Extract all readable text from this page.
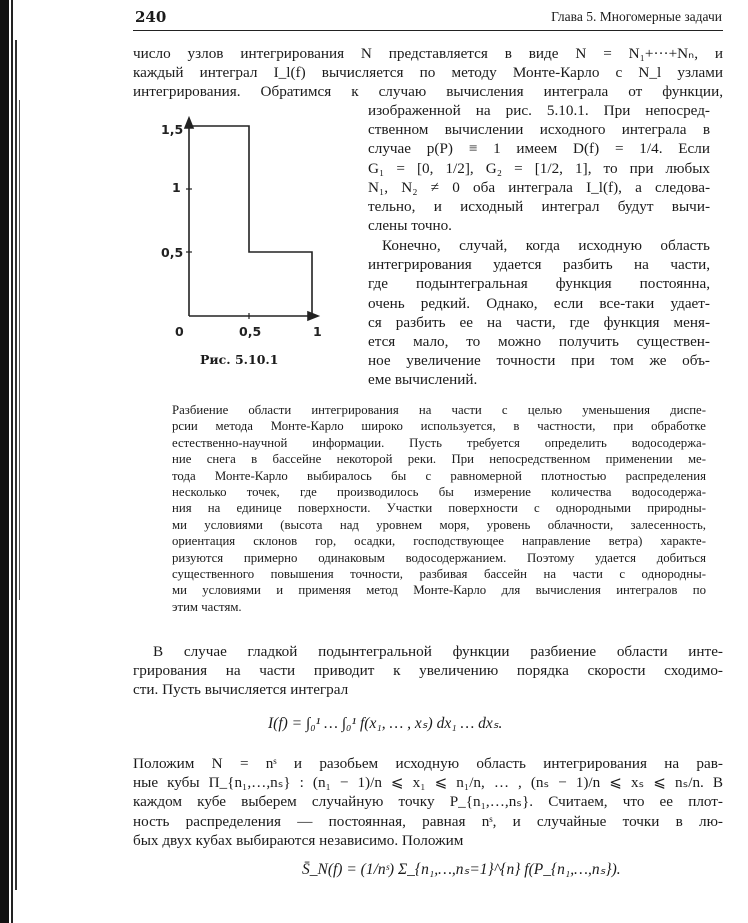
240	Глава 5. Многомерные задачи
число узлов интегрирования N представляется в виде N = N₁+···+Nₙ, и
каждый интеграл I_l(f) вычисляется по методу Монте-Карло с N_l узлами
интегрирования. Обратимся к случаю вычисления интеграла от функции,
1,5
1
0,5
0	0,5	1
Рис. 5.10.1
изображенной на рис. 5.10.1. При непосред-
ственном вычислении исходного интеграла в
случае p(P) ≡ 1 имеем D(f) = 1/4. Если
G₁ = [0, 1/2], G₂ = [1/2, 1], то при любых
N₁, N₂ ≠ 0 оба интеграла I_l(f), а следова-
тельно, и исходный интеграл будут вычи-
слены точно.
Конечно, случай, когда исходную область
интегрирования удается разбить на части,
где подынтегральная функция постоянна,
очень редкий. Однако, если все-таки удает-
ся разбить ее на части, где функция меня-
ется мало, то можно получить существен-
ное увеличение точности при том же объ-
еме вычислений.
Разбиение области интегрирования на части с целью уменьшения диспе-
рсии метода Монте-Карло широко используется, в частности, при обработке
естественно-научной информации. Пусть требуется определить водосодержа-
ние снега в бассейне некоторой реки. При непосредственном применении ме-
тода Монте-Карло выбиралось бы с равномерной плотностью распределения
несколько точек, где производилось бы измерение количества водосодержа-
ния на единице поверхности. Участки поверхности с однородными природны-
ми условиями (высота над уровнем моря, уровень облачности, залесенность,
ориентация склонов гор, осадки, господствующее направление ветра) характе-
ризуются примерно одинаковым водосодержанием. Поэтому удается добиться
существенного повышения точности, разбивая бассейн на части с однородны-
ми условиями и применяя метод Монте-Карло для вычисления интегралов по
этим частям.
В случае гладкой подынтегральной функции разбиение области инте-
грирования на части приводит к увеличению порядка скорости сходимо-
сти. Пусть вычисляется интеграл
I(f) = ∫₀¹ … ∫₀¹ f(x₁, … , xₛ) dx₁ … dxₛ.
Положим N = nˢ и разобьем исходную область интегрирования на рав-
ные кубы Π_{n₁,…,nₛ} : (n₁ − 1)/n ⩽ x₁ ⩽ n₁/n, … , (nₛ − 1)/n ⩽ xₛ ⩽ nₛ/n. В
каждом кубе выберем случайную точку P_{n₁,…,nₛ}. Считаем, что ее плот-
ность распределения — постоянная, равная nˢ, и случайные точки в лю-
бых двух кубах выбираются независимо. Положим
S̄_N(f) = (1/nˢ) Σ_{n₁,…,nₛ=1}^{n} f(P_{n₁,…,nₛ}).
